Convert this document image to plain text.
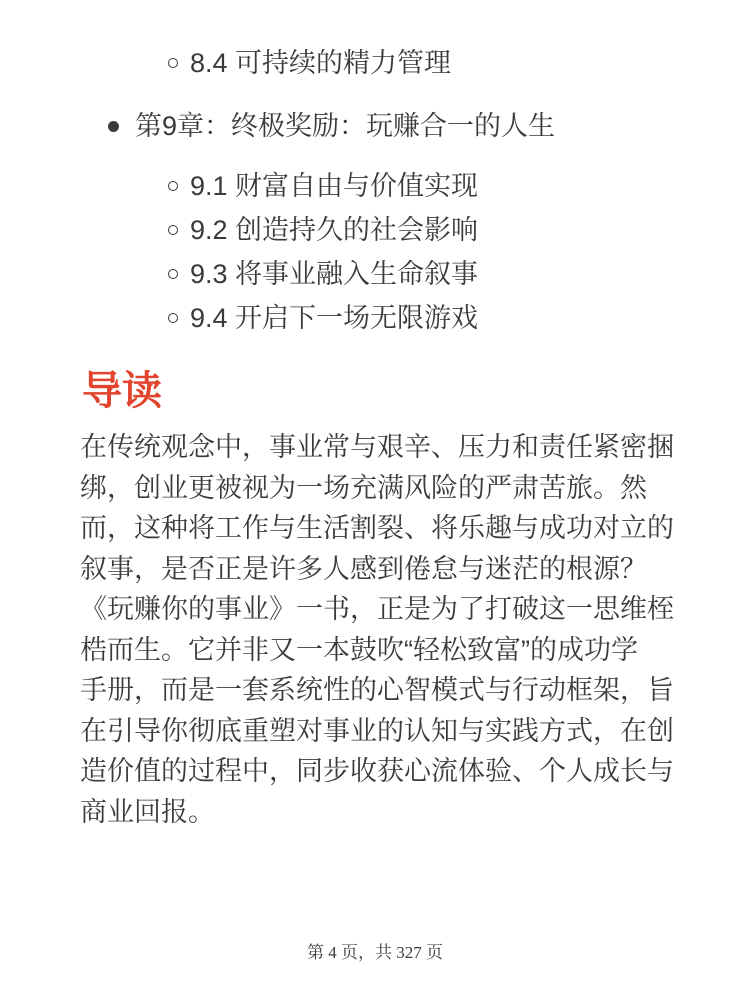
8.4 可持续的精力管理
第9章：终极奖励：玩赚合一的人生
9.1 财富自由与价值实现
9.2 创造持久的社会影响
9.3 将事业融入生命叙事
9.4 开启下一场无限游戏
导读
在传统观念中，事业常与艰辛、压力和责任紧密捆
绑，创业更被视为一场充满风险的严肃苦旅。然
而，这种将工作与生活割裂、将乐趣与成功对立的
叙事，是否正是许多人感到倦怠与迷茫的根源？
《玩赚你的事业》一书，正是为了打破这一思维桎
梏而生。它并非又一本鼓吹“轻松致富”的成功学
手册，而是一套系统性的心智模式与行动框架，旨
在引导你彻底重塑对事业的认知与实践方式，在创
造价值的过程中，同步收获心流体验、个人成长与
商业回报。
第 4 页，共 327 页
